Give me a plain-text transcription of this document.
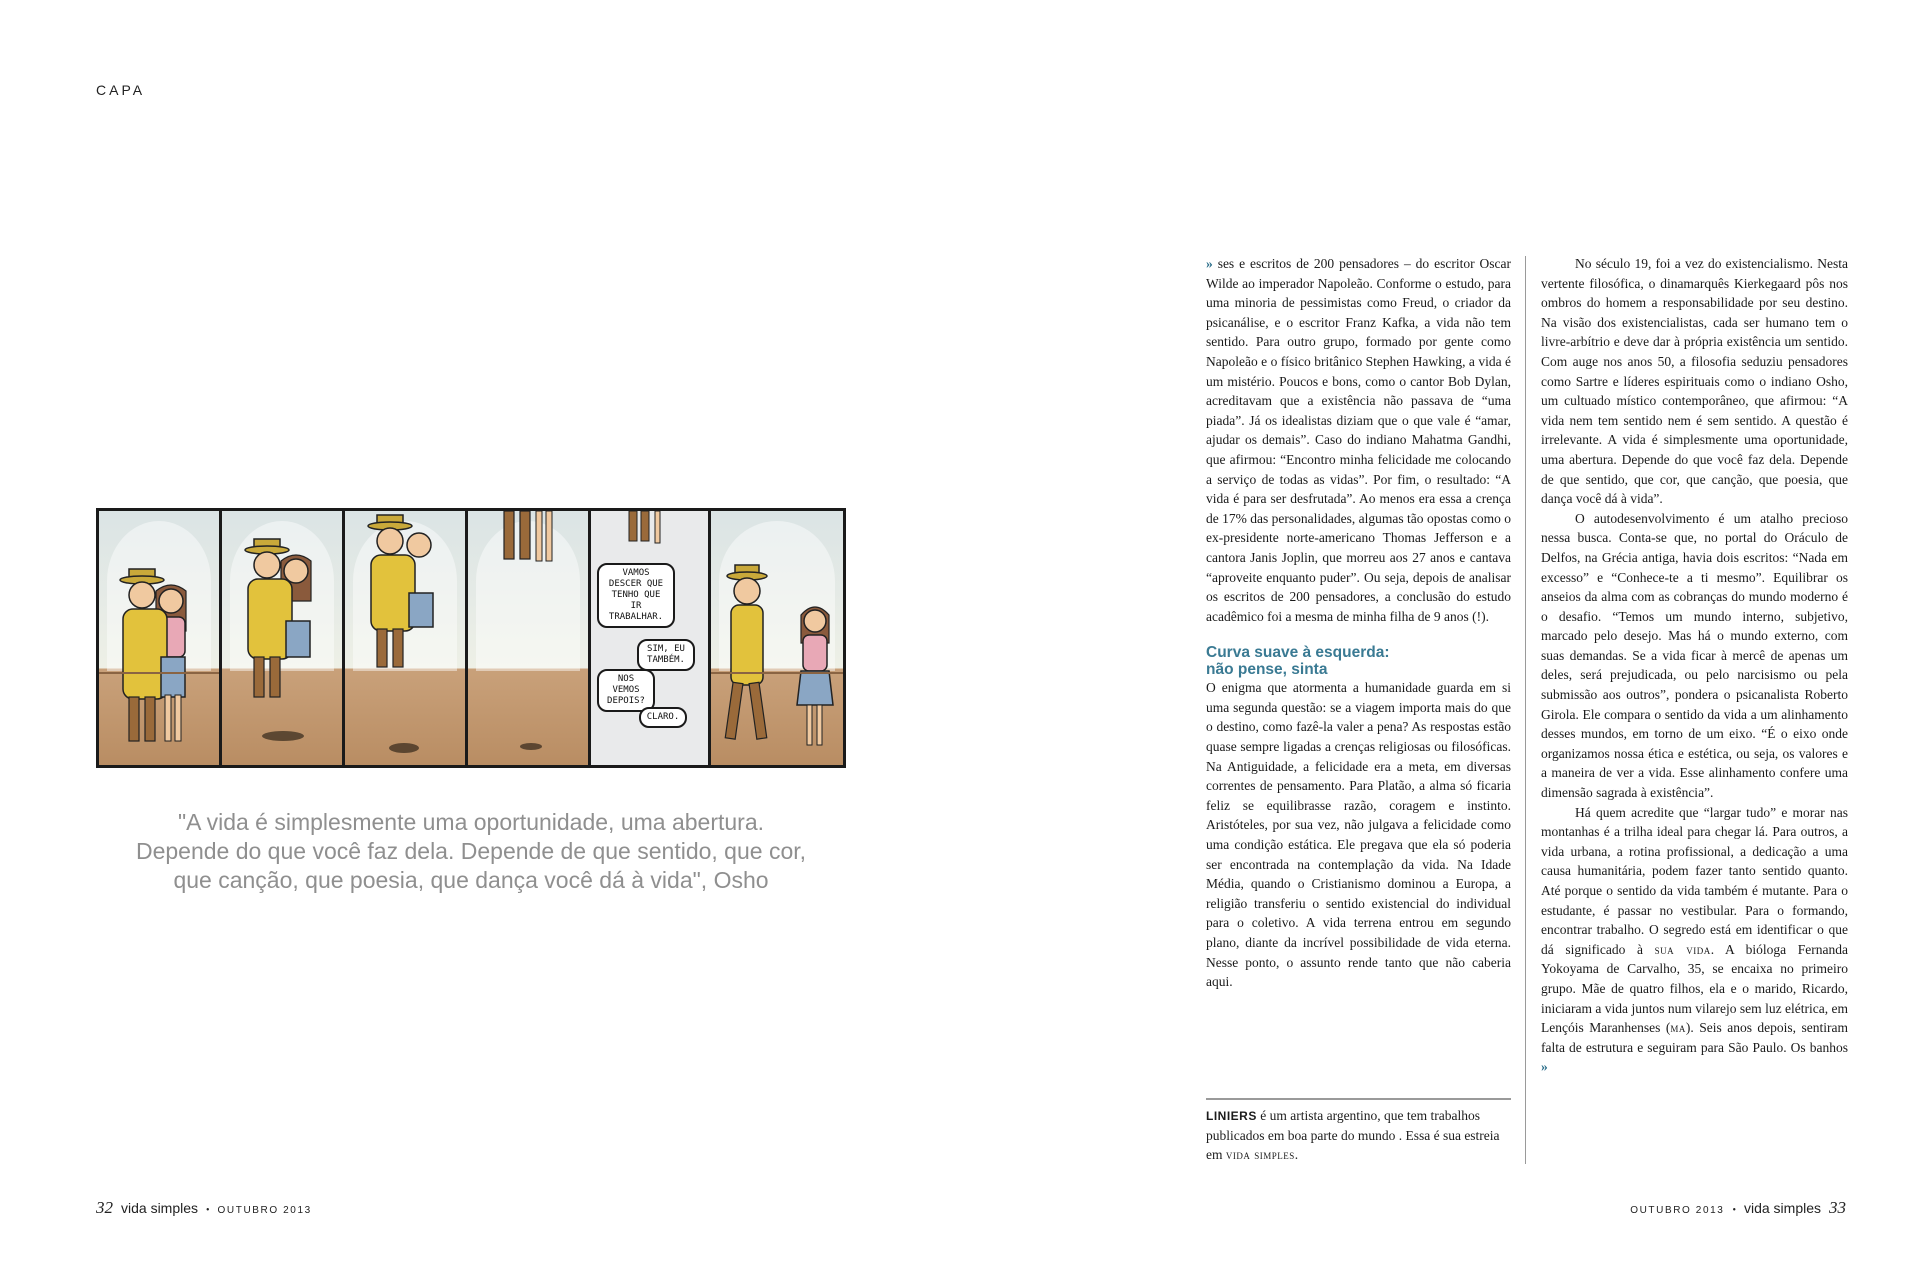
CAPA
VAMOS DESCER QUE TENHO QUE IR TRABALHAR.
SIM, EU TAMBÉM.
NOS VEMOS DEPOIS?
CLARO.
"A vida é simplesmente uma oportunidade, uma abertura.
Depende do que você faz dela. Depende de que sentido, que cor,
que canção, que poesia, que dança você dá à vida", Osho

» ses e escritos de 200 pensadores – do escritor Oscar Wilde ao imperador Napoleão. Conforme o estudo, para uma minoria de pessimistas como Freud, o criador da psicanálise, e o escritor Franz Kafka, a vida não tem sentido. Para outro grupo, formado por gente como Napoleão e o físico britânico Stephen Hawking, a vida é um mistério. Poucos e bons, como o cantor Bob Dylan, acreditavam que a existência não passava de “uma piada”. Já os idealistas diziam que o que vale é “amar, ajudar os demais”. Caso do indiano Mahatma Gandhi, que afirmou: “Encontro minha felicidade me colocando a serviço de todas as vidas”. Por fim, o resultado: “A vida é para ser desfrutada”. Ao menos era essa a crença de 17% das personalidades, algumas tão opostas como o ex-presidente norte-americano Thomas Jefferson e a cantora Janis Joplin, que morreu aos 27 anos e cantava “aproveite enquanto puder”. Ou seja, depois de analisar os escritos de 200 pensadores, a conclusão do estudo acadêmico foi a mesma de minha filha de 9 anos (!).

Curva suave à esquerda:
não pense, sinta

O enigma que atormenta a humanidade guarda em si uma segunda questão: se a viagem importa mais do que o destino, como fazê-la valer a pena? As respostas estão quase sempre ligadas a crenças religiosas ou filosóficas. Na Antiguidade, a felicidade era a meta, em diversas correntes de pensamento. Para Platão, a alma só ficaria feliz se equilibrasse razão, coragem e instinto. Aristóteles, por sua vez, não julgava a felicidade como uma condição estática. Ele pregava que ela só poderia ser encontrada na contemplação da vida. Na Idade Média, quando o Cristianismo dominou a Europa, a religião transferiu o sentido existencial do individual para o coletivo. A vida terrena entrou em segundo plano, diante da incrível possibilidade de vida eterna. Nesse ponto, o assunto rende tanto que não caberia aqui.

LINIERS é um artista argentino, que tem trabalhos publicados em boa parte do mundo . Essa é sua estreia em vida simples.

No século 19, foi a vez do existencialismo. Nesta vertente filosófica, o dinamarquês Kierkegaard pôs nos ombros do homem a responsabilidade por seu destino. Na visão dos existencialistas, cada ser humano tem o livre-arbítrio e deve dar à própria existência um sentido. Com auge nos anos 50, a filosofia seduziu pensadores como Sartre e líderes espirituais como o indiano Osho, um cultuado místico contemporâneo, que afirmou: “A vida nem tem sentido nem é sem sentido. A questão é irrelevante. A vida é simplesmente uma oportunidade, uma abertura. Depende do que você faz dela. Depende de que sentido, que cor, que canção, que poesia, que dança você dá à vida”.

O autodesenvolvimento é um atalho precioso nessa busca. Conta-se que, no portal do Oráculo de Delfos, na Grécia antiga, havia dois escritos: “Nada em excesso” e “Conhece-te a ti mesmo”. Equilibrar os anseios da alma com as cobranças do mundo moderno é o desafio. “Temos um mundo interno, subjetivo, marcado pelo desejo. Mas há o mundo externo, com suas demandas. Se a vida ficar à mercê de apenas um deles, será prejudicada, ou pelo narcisismo ou pela submissão aos outros”, pondera o psicanalista Roberto Girola. Ele compara o sentido da vida a um alinhamento desses mundos, em torno de um eixo. “É o eixo onde organizamos nossa ética e estética, ou seja, os valores e a maneira de ver a vida. Esse alinhamento confere uma dimensão sagrada à existência”.

Há quem acredite que “largar tudo” e morar nas montanhas é a trilha ideal para chegar lá. Para outros, a vida urbana, a rotina profissional, a dedicação a uma causa humanitária, podem fazer tanto sentido quanto. Até porque o sentido da vida também é mutante. Para o estudante, é passar no vestibular. Para o formando, encontrar trabalho. O segredo está em identificar o que dá significado à sua vida. A bióloga Fernanda Yokoyama de Carvalho, 35, se encaixa no primeiro grupo. Mãe de quatro filhos, ela e o marido, Ricardo, iniciaram a vida juntos num vilarejo sem luz elétrica, em Lençóis Maranhenses (ma). Seis anos depois, sentiram falta de estrutura e seguiram para São Paulo. Os banhos »

32 vida simples • OUTUBRO 2013	OUTUBRO 2013 • vida simples 33
